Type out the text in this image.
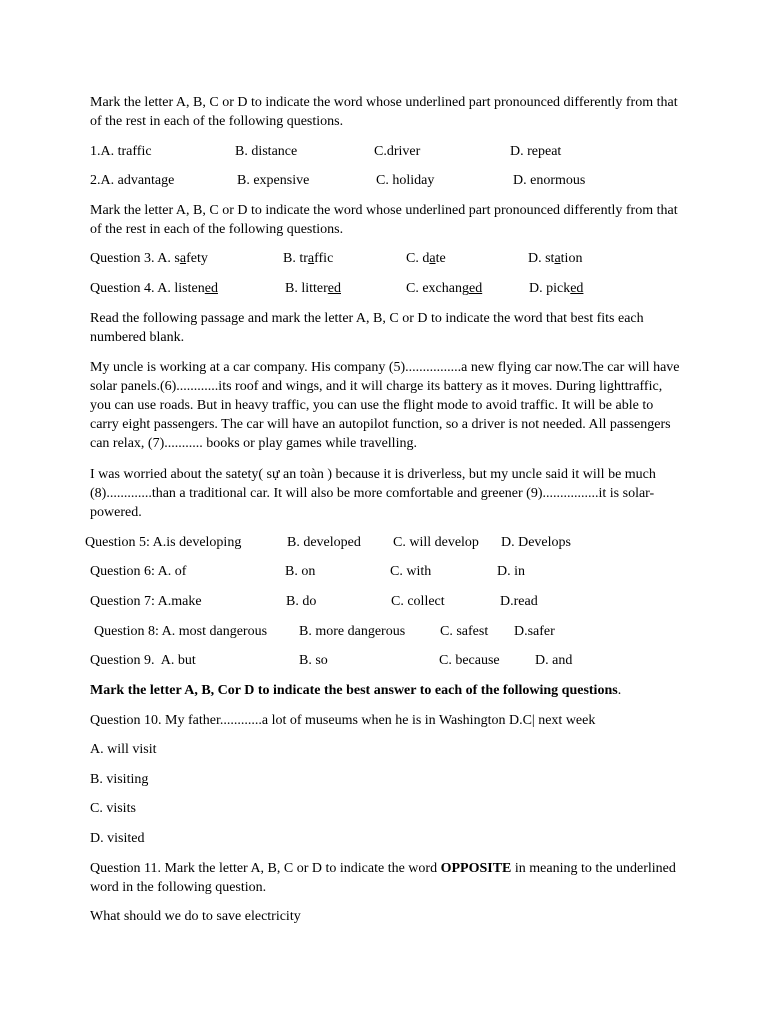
Mark the letter A, B, C or D to indicate the word whose underlined part pronounced differently from that of the rest in each of the following questions.

1.A. traffic	B. distance	C.driver	D. repeat
2.A. advantage	B. expensive	C. holiday	D. enormous

Mark the letter A, B, C or D to indicate the word whose underlined part pronounced differently from that of the rest in each of the following questions.

Question 3. A. safety	B. traffic	C. date	D. station
Question 4. A. listened	B. littered	C. exchanged	D. picked

Read the following passage and mark the letter A, B, C or D to indicate the word that best fits each numbered blank.

My uncle is working at a car company. His company (5)................a new flying car now.The car will have solar panels.(6)............its roof and wings, and it will charge its battery as it moves. During lighttraffic, you can use roads. But in heavy traffic, you can use the flight mode to avoid traffic. It will be able to carry eight passengers. The car will have an autopilot function, so a driver is not needed. All passengers can relax, (7)........... books or play games while travelling.

I was worried about the satety( sự an toàn ) because it is driverless, but my uncle said it will be much (8).............than a traditional car. It will also be more comfortable and greener (9)................it is solar-powered.

Question 5: A.is developing	B. developed C. will develop D. Develops
Question 6: A. of	B. on	C. with	D. in
Question 7: A.make	B. do	C. collect	D.read
Question 8: A. most dangerous B. more dangerous C. safest D.safer
Question 9.  A. but	B. so	C. because	D. and

Mark the letter A, B, Cor D to indicate the best answer to each of the following questions.

Question 10. My father............a lot of museums when he is in Washington D.C| next week

A. will visit

B. visiting

C. visits

D. visited

Question 11. Mark the letter A, B, C or D to indicate the word OPPOSITE in meaning to the underlined word in the following question.

What should we do to save electricity
